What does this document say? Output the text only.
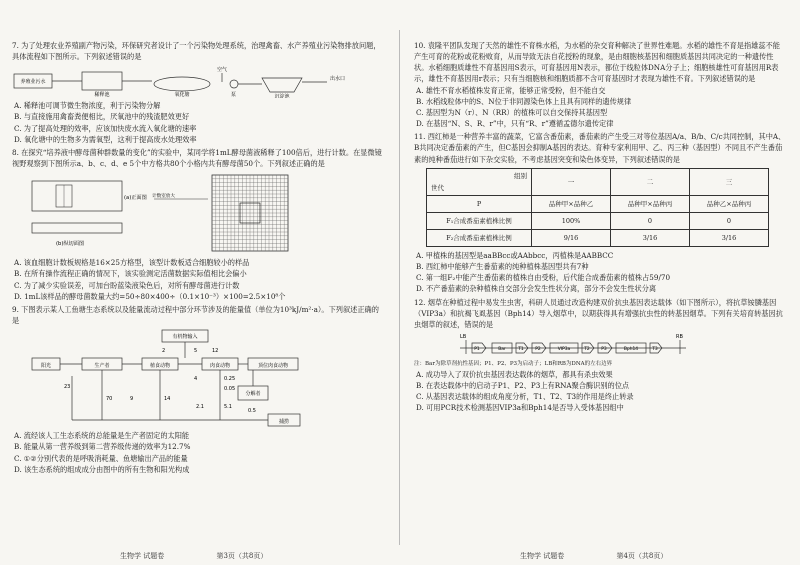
7. 为了处理农业养殖副产物污染，环保研究者设计了一个污染物处理系统，治理禽畜、水产养殖业污染物排放问题，具体流程如下图所示。下列叙述错误的是

养殖业污水
稀释池	氧化塘
空气
泵	沉淀池
出水口

A. 稀释池可调节微生物浓度，利于污染物分解

B. 与直接施用禽畜粪便相比，厌氧池中的残渣肥效更好

C. 为了提高处理的效率，应该加快废水流入氧化塘的速率

D. 氧化塘中的生物多为需氧型，这利于提高废水处理效率

8. 在探究“培养液中酵母菌种群数量的变化”的实验中，某同学将1mL酵母菌液稀释了100倍后，进行计数。在显微镜视野观察到下图所示a、b、c、d、e 5个中方格共80个小格内共有酵母菌50个。下列叙述正确的是

(a)正面图 计数室放大
(b)纵切面图

A. 该血细胞计数板规格是16×25方格型，该型计数板适合细胞较小的样品

B. 在所有操作流程正确的情况下，该实验测定活菌数据实际值相比会偏小

C. 为了减少实验误差，可加台盼蓝染液染色后，对所有酵母菌进行计数

D. 1mL该样品的酵母菌数量大约=50÷80×400÷（0.1×10⁻³）×100=2.5×10⁸个

9. 下图表示某人工鱼塘生态系统以及能量流动过程中部分环节涉及的能量值（单位为10³kJ/m²·a）。下列叙述正确的是

有机物输入
阳光	生产者	植食动物	肉食动物	顶位肉食动物
分解者
捕捞
2	5	12
4	0.25
23
70	9	14
0.05
2.1	5.1
0.5

A. 流经该人工生态系统的总能量是生产者固定的太阳能

B. 能量从第一营养级到第二营养级传递的效率为12.7%

C. ①②分别代表的是呼吸消耗量、鱼塘输出产品的能量

D. 该生态系统的组成成分由图中的所有生物和阳光构成

生物学 试题卷	第3页（共8页）

10. 袁隆平团队发现了天然的雄性不育株水稻，为水稻的杂交育种解决了世界性难题。水稻的雄性不育是指雄蕊不能产生可育的花粉或花粉败育，从而导致无法自花授粉的现象，是由细胞核基因和细胞质基因共同决定的一种遗传性状。水稻细胞质雄性不育基因用S表示，可育基因用N表示，都位于线粒体DNA分子上；细胞核雄性可育基因用R表示，雄性不育基因用r表示；只有当细胞核和细胞质都不含可育基因时才表现为雄性不育。下列叙述错误的是

A. 雄性不育水稻植株发育正常，能够正常受粉，但不能自交

B. 水稻线粒体中的S、N位于非同源染色体上且具有同样的遗传规律

C. 基因型为N（r）、N（RR）的植株可以自交保持其基因型

D. 在基因“N、S、R、r”中，只有“R、r”遵循孟德尔遗传定律

11. 西红柿是一种营养丰富的蔬菜，它富含番茄素，番茄素的产生受三对等位基因A/a、B/b、C/c共同控制，其中A、B共同决定番茄素的产生，但C基因会抑制A基因的表达。育种专家利用甲、乙、丙三种（基因型）不同且不产生番茄素的纯种番茄进行如下杂交实验，不考虑基因突变和染色体变异，下列叙述错误的是

组别
世代	一	二	三
P	品种甲×品种乙	品种甲×品种丙	品种乙×品种丙
F₁合成番茄素植株比例	100%	0	0
F₂合成番茄素植株比例	9/16	3/16	3/16

A. 甲植株的基因型是aaBBcc或AAbbcc，丙植株是AABBCC

B. 西红柿中能够产生番茄素的纯种植株基因型共有7种

C. 第一组F₂中能产生番茄素的植株自由受粉，后代能合成番茄素的植株占59/70

D. 不产番茄素的杂种植株自交部分会发生性状分离，部分不会发生性状分离

12. 烟草在种植过程中易发生虫害，科研人员通过改造构建双价抗虫基因表达载体（如下图所示），将抗草铵膦基因（VIP3a）和抗褐飞虱基因（Bph14）导入烟草中，以期获得具有增强抗虫性的转基因烟草。下列有关培育转基因抗虫烟草的叙述，错误的是

LB	RB
P1	Bar	T1	P2	VIP3a	T2	P3	Bph14	T3

注：Bar为除草剂抗性基因；P1、P2、P3为启动子；LB和RB为DNA的左右边界

A. 成功导入了双价抗虫基因表达载体的烟草，都具有杀虫效果

B. 在表达载体中的启动子P1、P2、P3上有RNA聚合酶识别的位点

C. 从基因表达载体的组成角度分析，T1、T2、T3的作用是终止转录

D. 可用PCR技术检测基因VIP3a和Bph14是否导入受体基因组中

生物学 试题卷	第4页（共8页）
